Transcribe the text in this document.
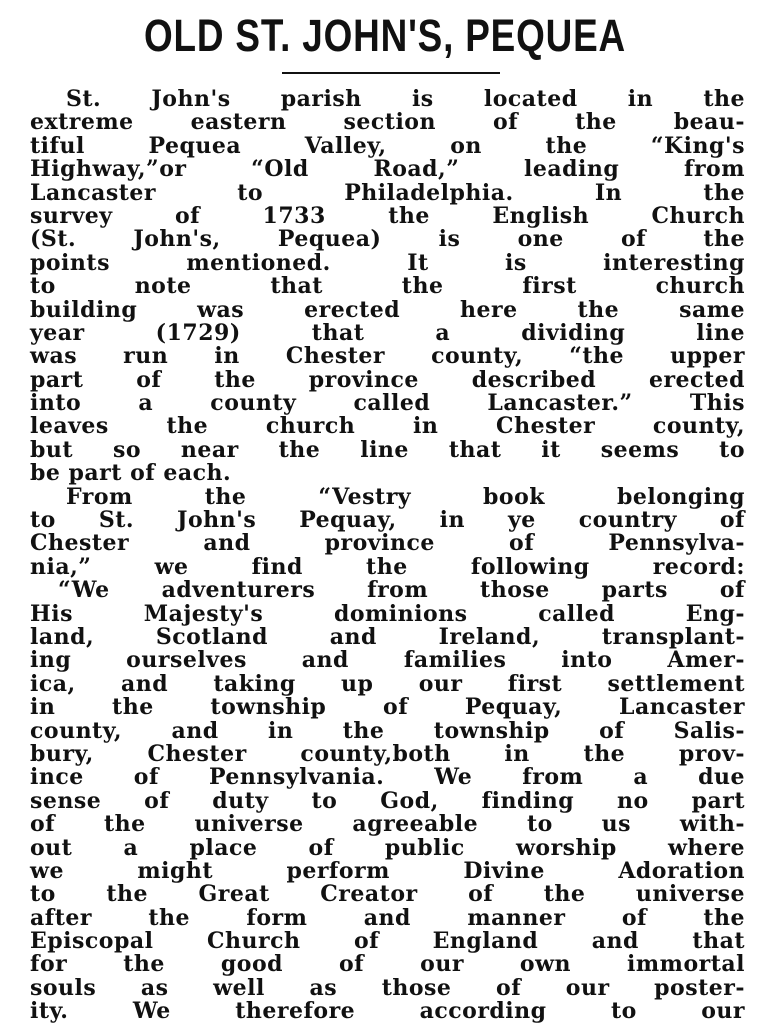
OLD ST. JOHN'S, PEQUEA
St. John's parish is located in the
extreme eastern section of the beau-
tiful Pequea Valley, on the “King's
Highway,”or “Old Road,” leading from
Lancaster to Philadelphia. In the
survey of 1733 the English Church
(St. John's, Pequea) is one of the
points mentioned. It is interesting
to note that the first church
building was erected here the same
year (1729) that a dividing line
was run in Chester county, “the upper
part of the province described erected
into a county called Lancaster.” This
leaves the church in Chester county,
but so near the line that it seems to
be part of each.
From the “Vestry book belonging
to St. John's Pequay, in ye country of
Chester and province of Pennsylva-
nia,” we find the following record:
“We adventurers from those parts of
His Majesty's dominions called Eng-
land, Scotland and Ireland, transplant-
ing ourselves and families into Amer-
ica, and taking up our first settlement
in the township of Pequay, Lancaster
county, and in the township of Salis-
bury, Chester county,both in the prov-
ince of Pennsylvania. We from a due
sense of duty to God, finding no part
of the universe agreeable to us with-
out a place of public worship where
we might perform Divine Adoration
to the Great Creator of the universe
after the form and manner of the
Episcopal Church of England and that
for the good of our own immortal
souls as well as those of our poster-
ity. We therefore according to our
